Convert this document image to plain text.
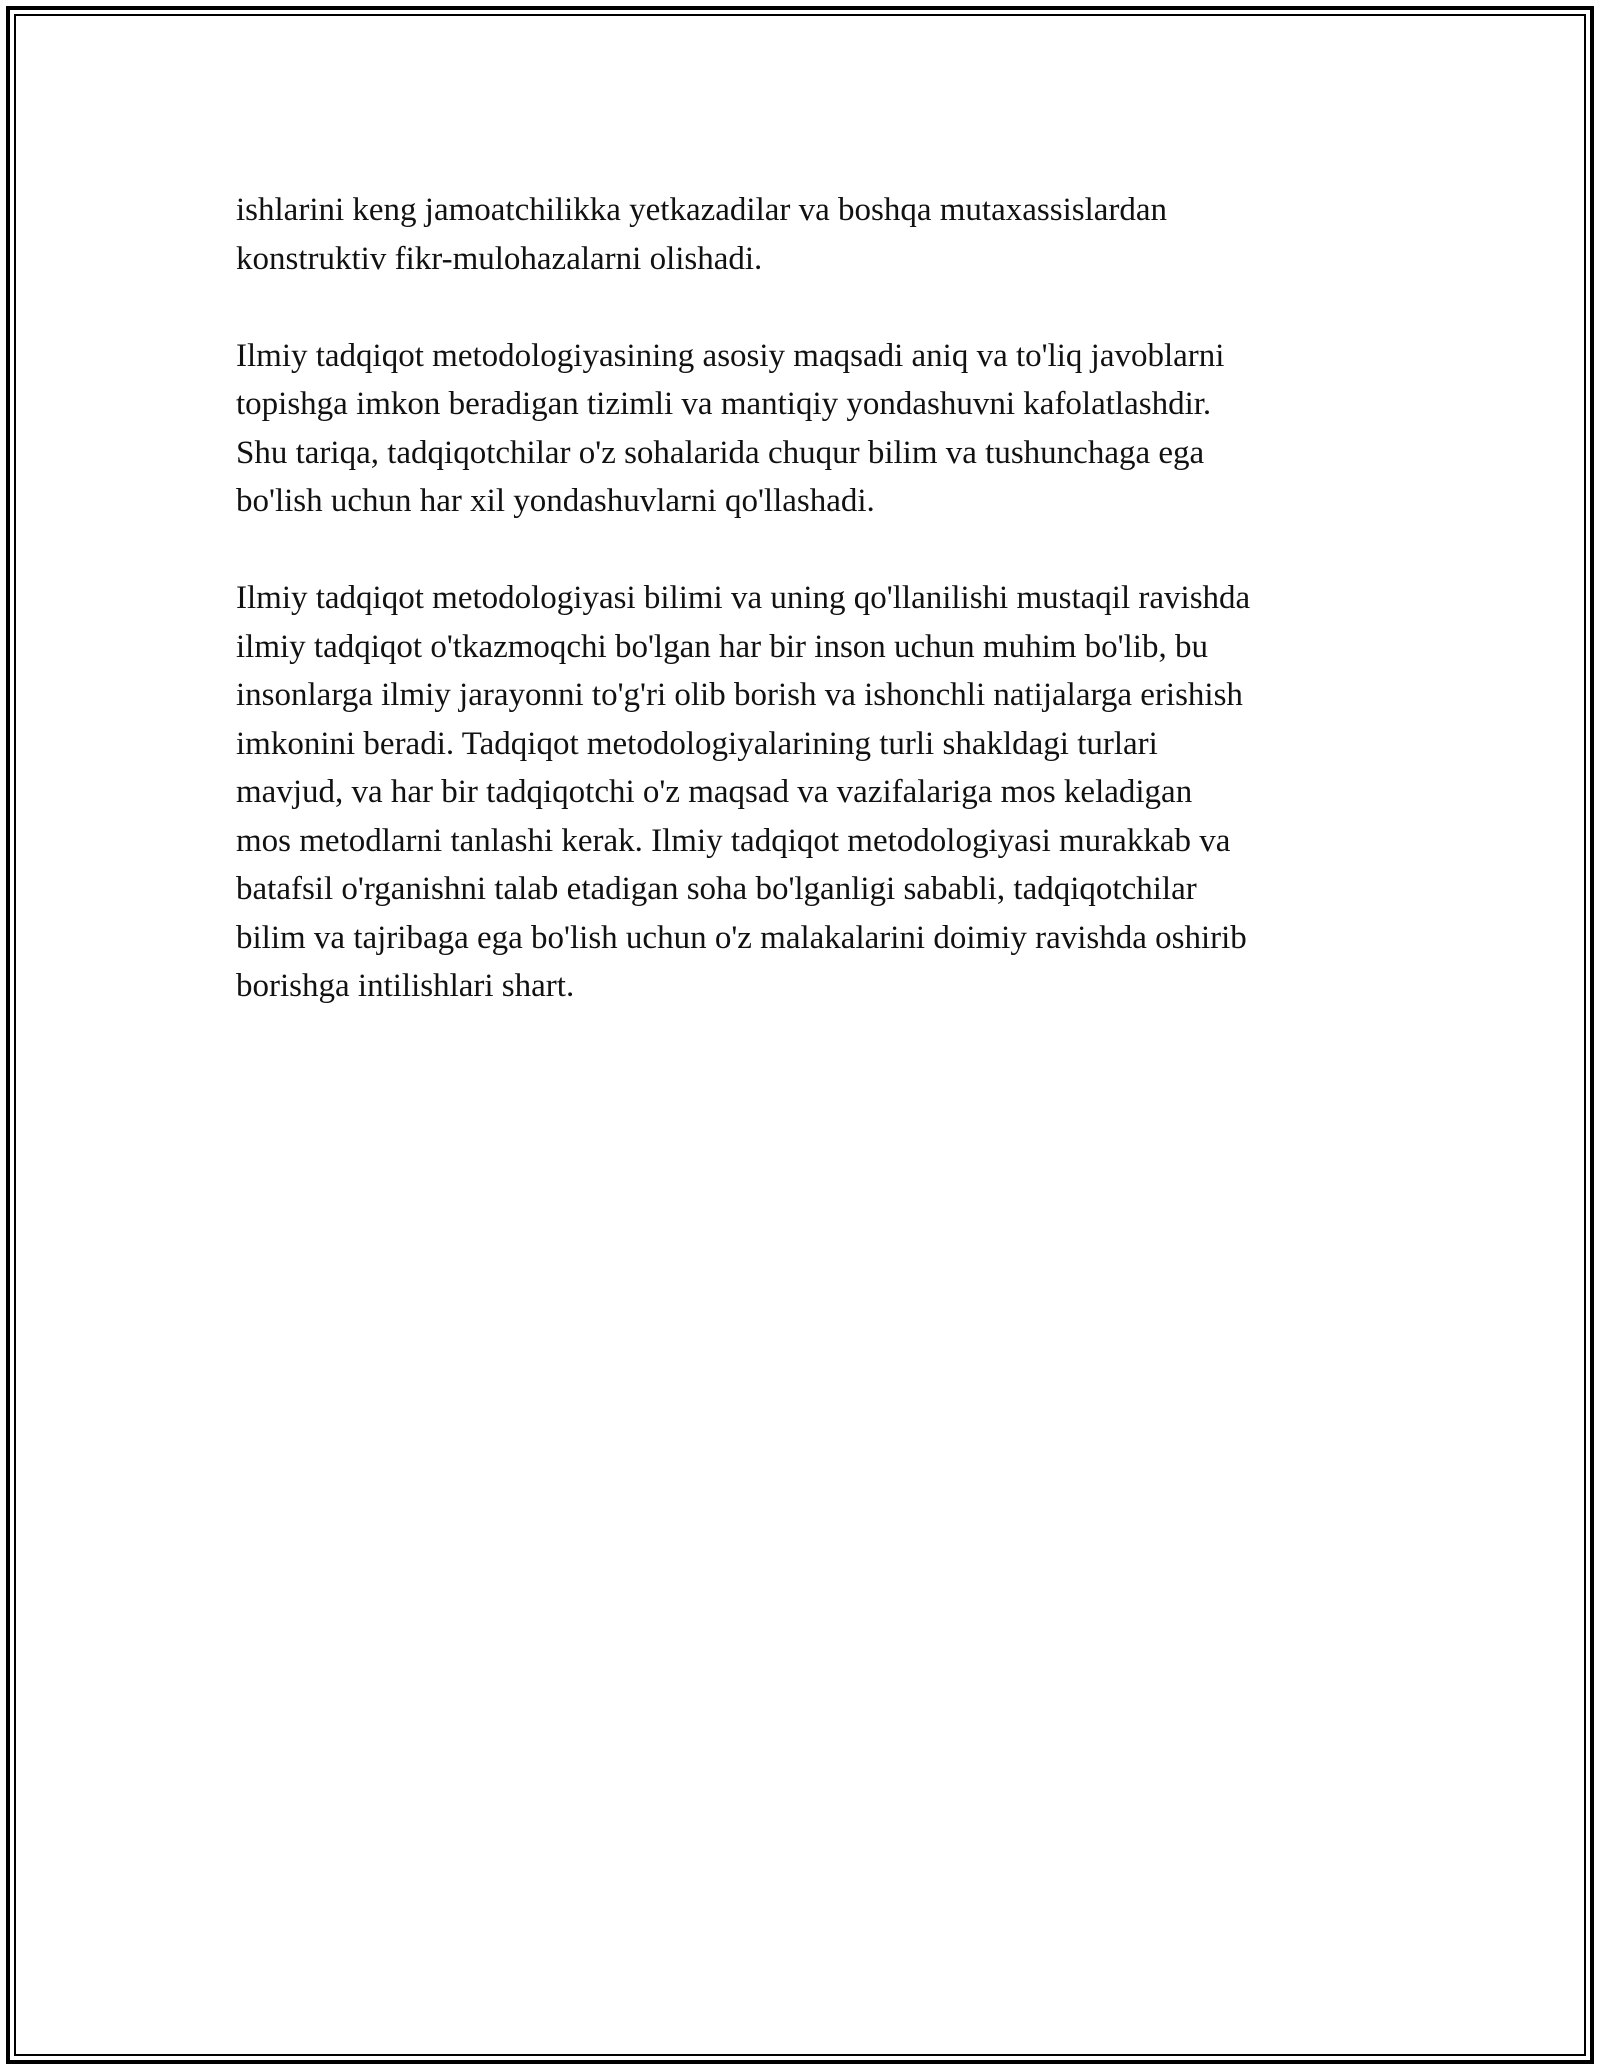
ishlarini keng jamoatchilikka yetkazadilar va boshqa mutaxassislardan
konstruktiv fikr-mulohazalarni olishadi.

Ilmiy tadqiqot metodologiyasining asosiy maqsadi aniq va to'liq javoblarni
topishga imkon beradigan tizimli va mantiqiy yondashuvni kafolatlashdir.
Shu tariqa, tadqiqotchilar o'z sohalarida chuqur bilim va tushunchaga ega
bo'lish uchun har xil yondashuvlarni qo'llashadi.

Ilmiy tadqiqot metodologiyasi bilimi va uning qo'llanilishi mustaqil ravishda
ilmiy tadqiqot o'tkazmoqchi bo'lgan har bir inson uchun muhim bo'lib, bu
insonlarga ilmiy jarayonni to'g'ri olib borish va ishonchli natijalarga erishish
imkonini beradi. Tadqiqot metodologiyalarining turli shakldagi turlari
mavjud, va har bir tadqiqotchi o'z maqsad va vazifalariga mos keladigan
mos metodlarni tanlashi kerak. Ilmiy tadqiqot metodologiyasi murakkab va
batafsil o'rganishni talab etadigan soha bo'lganligi sababli, tadqiqotchilar
bilim va tajribaga ega bo'lish uchun o'z malakalarini doimiy ravishda oshirib
borishga intilishlari shart.
